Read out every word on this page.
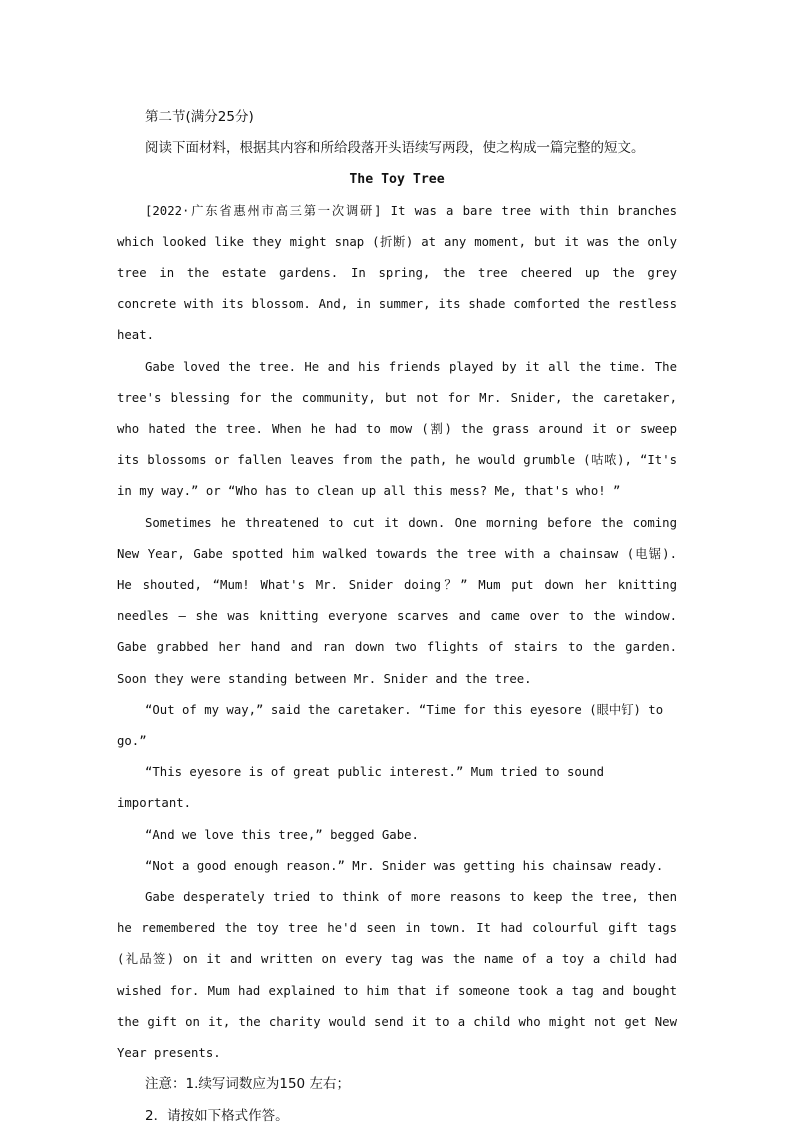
第二节(满分25分)

阅读下面材料，根据其内容和所给段落开头语续写两段，使之构成一篇完整的短文。

The Toy Tree

[2022·广东省惠州市高三第一次调研] It was a bare tree with thin branches which looked like they might snap (折断) at any moment, but it was the only tree in the estate gardens. In spring, the tree cheered up the grey concrete with its blossom. And, in summer, its shade comforted the restless heat.

Gabe loved the tree. He and his friends played by it all the time. The tree's blessing for the community, but not for Mr. Snider, the caretaker, who hated the tree. When he had to mow (割) the grass around it or sweep its blossoms or fallen leaves from the path, he would grumble (咕哝), “It's in my way.” or “Who has to clean up all this mess? Me, that's who! ”

Sometimes he threatened to cut it down. One morning before the coming New Year, Gabe spotted him walked towards the tree with a chainsaw (电锯). He shouted, “Mum! What's Mr. Snider doing？” Mum put down her knitting needles — she was knitting everyone scarves and came over to the window. Gabe grabbed her hand and ran down two flights of stairs to the garden. Soon they were standing between Mr. Snider and the tree.

“Out of my way,” said the caretaker. “Time for this eyesore (眼中钉) to go.”

“This eyesore is of great public interest.” Mum tried to sound important.

“And we love this tree,” begged Gabe.

“Not a good enough reason.” Mr. Snider was getting his chainsaw ready.

Gabe desperately tried to think of more reasons to keep the tree, then he remembered the toy tree he'd seen in town. It had colourful gift tags (礼品签) on it and written on every tag was the name of a toy a child had wished for. Mum had explained to him that if someone took a tag and bought the gift on it, the charity would send it to a child who might not get New Year presents.

注意：1.续写词数应为150 左右；

2．请按如下格式作答。
